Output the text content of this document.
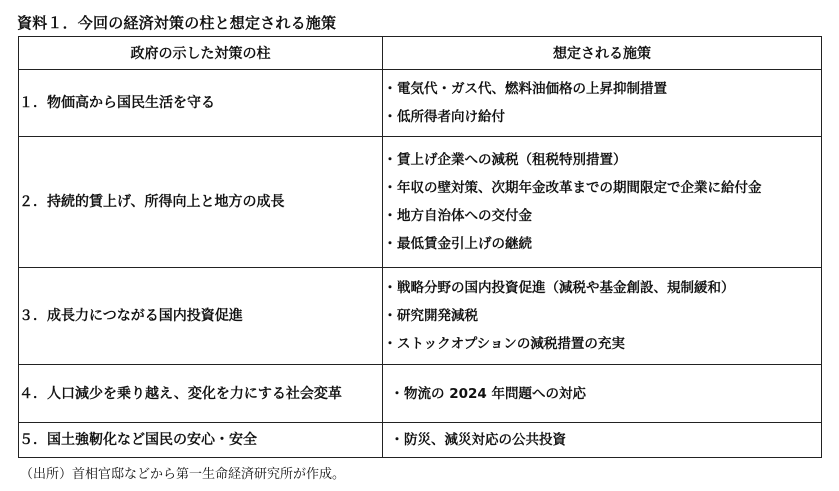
資料１．今回の経済対策の柱と想定される施策
政府の示した対策の柱	想定される施策
１．物価高から国民生活を守る	・電気代・ガス代、燃料油価格の上昇抑制措置
・低所得者向け給付

２．持続的賃上げ、所得向上と地方の成長	・賃上げ企業への減税（租税特別措置）
・年収の壁対策、次期年金改革までの期間限定で企業に給付金
・地方自治体への交付金
・最低賃金引上げの継続

３．成長力につながる国内投資促進	・戦略分野の国内投資促進（減税や基金創設、規制緩和）
・研究開発減税
・ストックオプションの減税措置の充実

４．人口減少を乗り越え、変化を力にする社会変革	・物流の 2024 年問題への対応

５．国土強靭化など国民の安心・安全	・防災、減災対応の公共投資
（出所）首相官邸などから第一生命経済研究所が作成。
